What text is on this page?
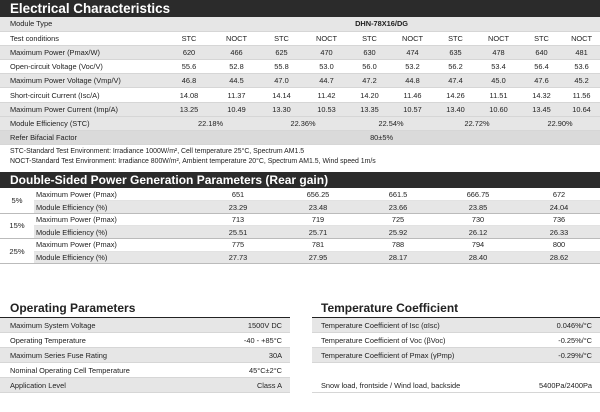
Electrical Characteristics
Module Type	DHN-78X16/DG									
Test conditions	STC	NOCT	STC	NOCT	STC	NOCT	STC	NOCT	STC	NOCT
Maximum Power (Pmax/W)	620	466	625	470	630	474	635	478	640	481
Open-circuit Voltage (Voc/V)	55.6	52.8	55.8	53.0	56.0	53.2	56.2	53.4	56.4	53.6
Maximum Power Voltage (Vmp/V)	46.8	44.5	47.0	44.7	47.2	44.8	47.4	45.0	47.6	45.2
Short-circuit Current (Isc/A)	14.08	11.37	14.14	11.42	14.20	11.46	14.26	11.51	14.32	11.56
Maximum Power Current (Imp/A)	13.25	10.49	13.30	10.53	13.35	10.57	13.40	10.60	13.45	10.64
Module Efficiency (STC)	22.18%		22.36%		22.54%		22.72%		22.90%	
Refer Bifacial Factor	80±5%									
STC-Standard Test Environment: Irradiance 1000W/m², Cell temperature 25°C, Spectrum AM1.5
NOCT-Standard Test Environment: Irradiance 800W/m², Ambient temperature 20°C, Spectrum AM1.5, Wind speed 1m/s
Double-Sided Power Generation Parameters (Rear gain)
5%	Maximum Power (Pmax)	651	656.25	661.5	666.75	672
	Module Efficiency (%)	23.29	23.48	23.66	23.85	24.04
15%	Maximum Power (Pmax)	713	719	725	730	736
	Module Efficiency (%)	25.51	25.71	25.92	26.12	26.33
25%	Maximum Power (Pmax)	775	781	788	794	800
	Module Efficiency (%)	27.73	27.95	28.17	28.40	28.62
Operating Parameters
Maximum System Voltage	1500V DC
Operating Temperature	-40 - +85°C
Maximum Series Fuse Rating	30A
Nominal Operating Cell Temperature	45°C±2°C
Application Level	Class A
Temperature Coefficient
Temperature Coefficient of Isc (αIsc)	0.046%/°C
Temperature Coefficient of Voc (βVoc)	-0.25%/°C
Temperature Coefficient of Pmax (γPmp)	-0.29%/°C
Snow load, frontside / Wind load, backside	5400Pa/2400Pa
